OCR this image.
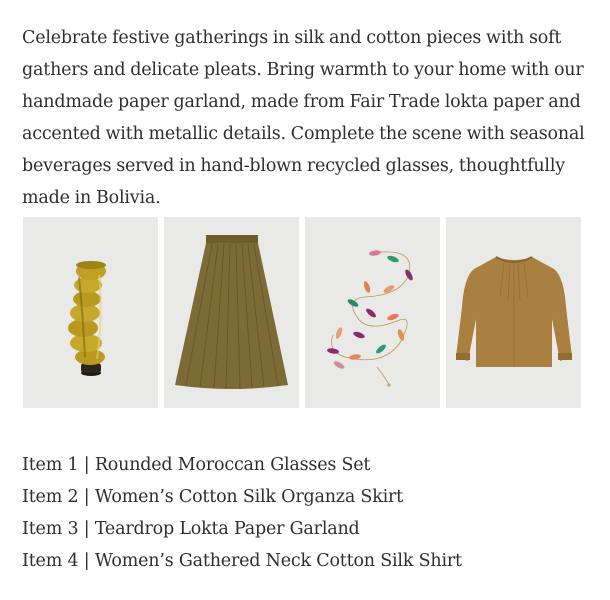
Celebrate festive gatherings in silk and cotton pieces with soft gathers and delicate pleats. Bring warmth to your home with our handmade paper garland, made from Fair Trade lokta paper and accented with metallic details. Complete the scene with seasonal beverages served in hand-blown recycled glasses, thoughtfully made in Bolivia.

Item 1 | Rounded Moroccan Glasses Set
Item 2 | Women’s Cotton Silk Organza Skirt
Item 3 | Teardrop Lokta Paper Garland
Item 4 | Women’s Gathered Neck Cotton Silk Shirt
